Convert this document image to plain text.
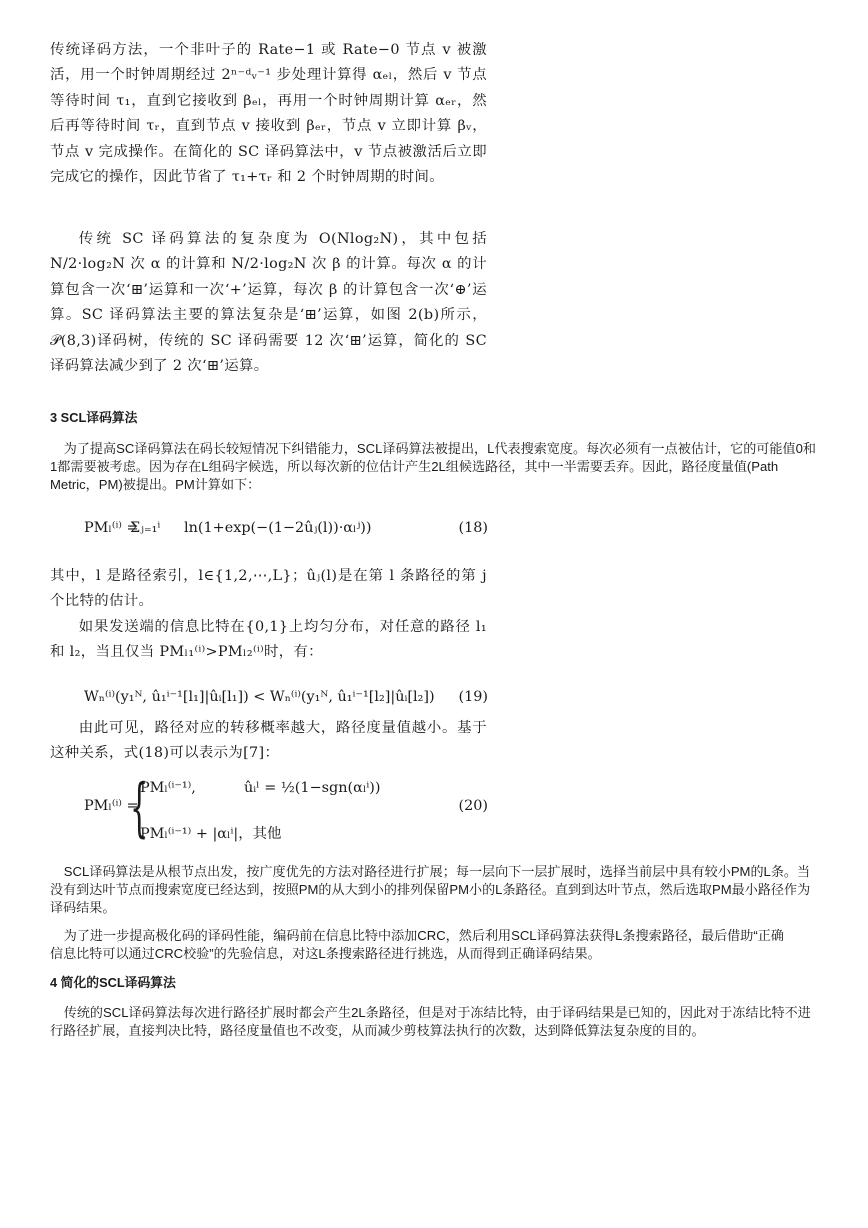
传统译码方法，一个非叶子的 Rate−1 或 Rate−0 节点 v 被激活，用一个时钟周期经过 2ⁿ⁻ᵈᵥ⁻¹ 步处理计算得 αₑₗ，然后 v 节点等待时间 τ₁，直到它接收到 βₑₗ，再用一个时钟周期计算 αₑᵣ，然后再等待时间 τᵣ，直到节点 v 接收到 βₑᵣ，节点 v 立即计算 βᵥ，节点 v 完成操作。在简化的 SC 译码算法中，v 节点被激活后立即完成它的操作，因此节省了 τ₁+τᵣ 和 2 个时钟周期的时间。

传统 SC 译码算法的复杂度为 O(Nlog₂N)，其中包括 N/2·log₂N 次 α 的计算和 N/2·log₂N 次 β 的计算。每次 α 的计算包含一次‘⊞’运算和一次‘+’运算，每次 β 的计算包含一次‘⊕’运算。SC 译码算法主要的算法复杂是‘⊞’运算，如图 2(b)所示，𝒫(8,3)译码树，传统的 SC 译码需要 12 次‘⊞’运算，简化的 SC 译码算法减少到了 2 次‘⊞’运算。

3 SCL译码算法

为了提高SC译码算法在码长较短情况下纠错能力，SCL译码算法被提出，L代表搜索宽度。每次必须有一点被估计，它的可能值0和1都需要被考虑。因为存在L组码字候选，所以每次新的位估计产生2L组候选路径，其中一半需要丢弃。因此，路径度量值(Path Metric，PM)被提出。PM计算如下：

PMₗ⁽ⁱ⁾ =
Σⱼ₌₁ⁱ ln(1+exp(−(1−2ûⱼ(l))·αₗʲ))	(18)

其中，l 是路径索引，l∈{1,2,⋯,L}；ûⱼ(l)是在第 l 条路径的第 j 个比特的估计。

如果发送端的信息比特在{0,1}上均匀分布，对任意的路径 l₁ 和 l₂，当且仅当 PMₗ₁⁽ⁱ⁾>PMₗ₂⁽ⁱ⁾时，有：

Wₙ⁽ⁱ⁾(y₁ᴺ, û₁ⁱ⁻¹[l₁]|ûᵢ[l₁]) < Wₙ⁽ⁱ⁾(y₁ᴺ, û₁ⁱ⁻¹[l₂]|ûᵢ[l₂]) (19)

由此可见，路径对应的转移概率越大，路径度量值越小。基于这种关系，式(18)可以表示为[7]：

PMₗ⁽ⁱ⁾ =
{
PMₗ⁽ⁱ⁻¹⁾,	ûᵢˡ = ½(1−sgn(αₗⁱ))
PMₗ⁽ⁱ⁻¹⁾ + |αₗⁱ|，其他
(20)

SCL译码算法是从根节点出发，按广度优先的方法对路径进行扩展；每一层向下一层扩展时，选择当前层中具有较小PM的L条。当没有到达叶节点而搜索宽度已经达到，按照PM的从大到小的排列保留PM小的L条路径。直到到达叶节点，然后选取PM最小路径作为译码结果。

为了进一步提高极化码的译码性能，编码前在信息比特中添加CRC，然后利用SCL译码算法获得L条搜索路径，最后借助“正确信息比特可以通过CRC校验”的先验信息，对这L条搜索路径进行挑选，从而得到正确译码结果。

4 简化的SCL译码算法

传统的SCL译码算法每次进行路径扩展时都会产生2L条路径，但是对于冻结比特，由于译码结果是已知的，因此对于冻结比特不进行路径扩展，直接判决比特，路径度量值也不改变，从而减少剪枝算法执行的次数，达到降低算法复杂度的目的。
